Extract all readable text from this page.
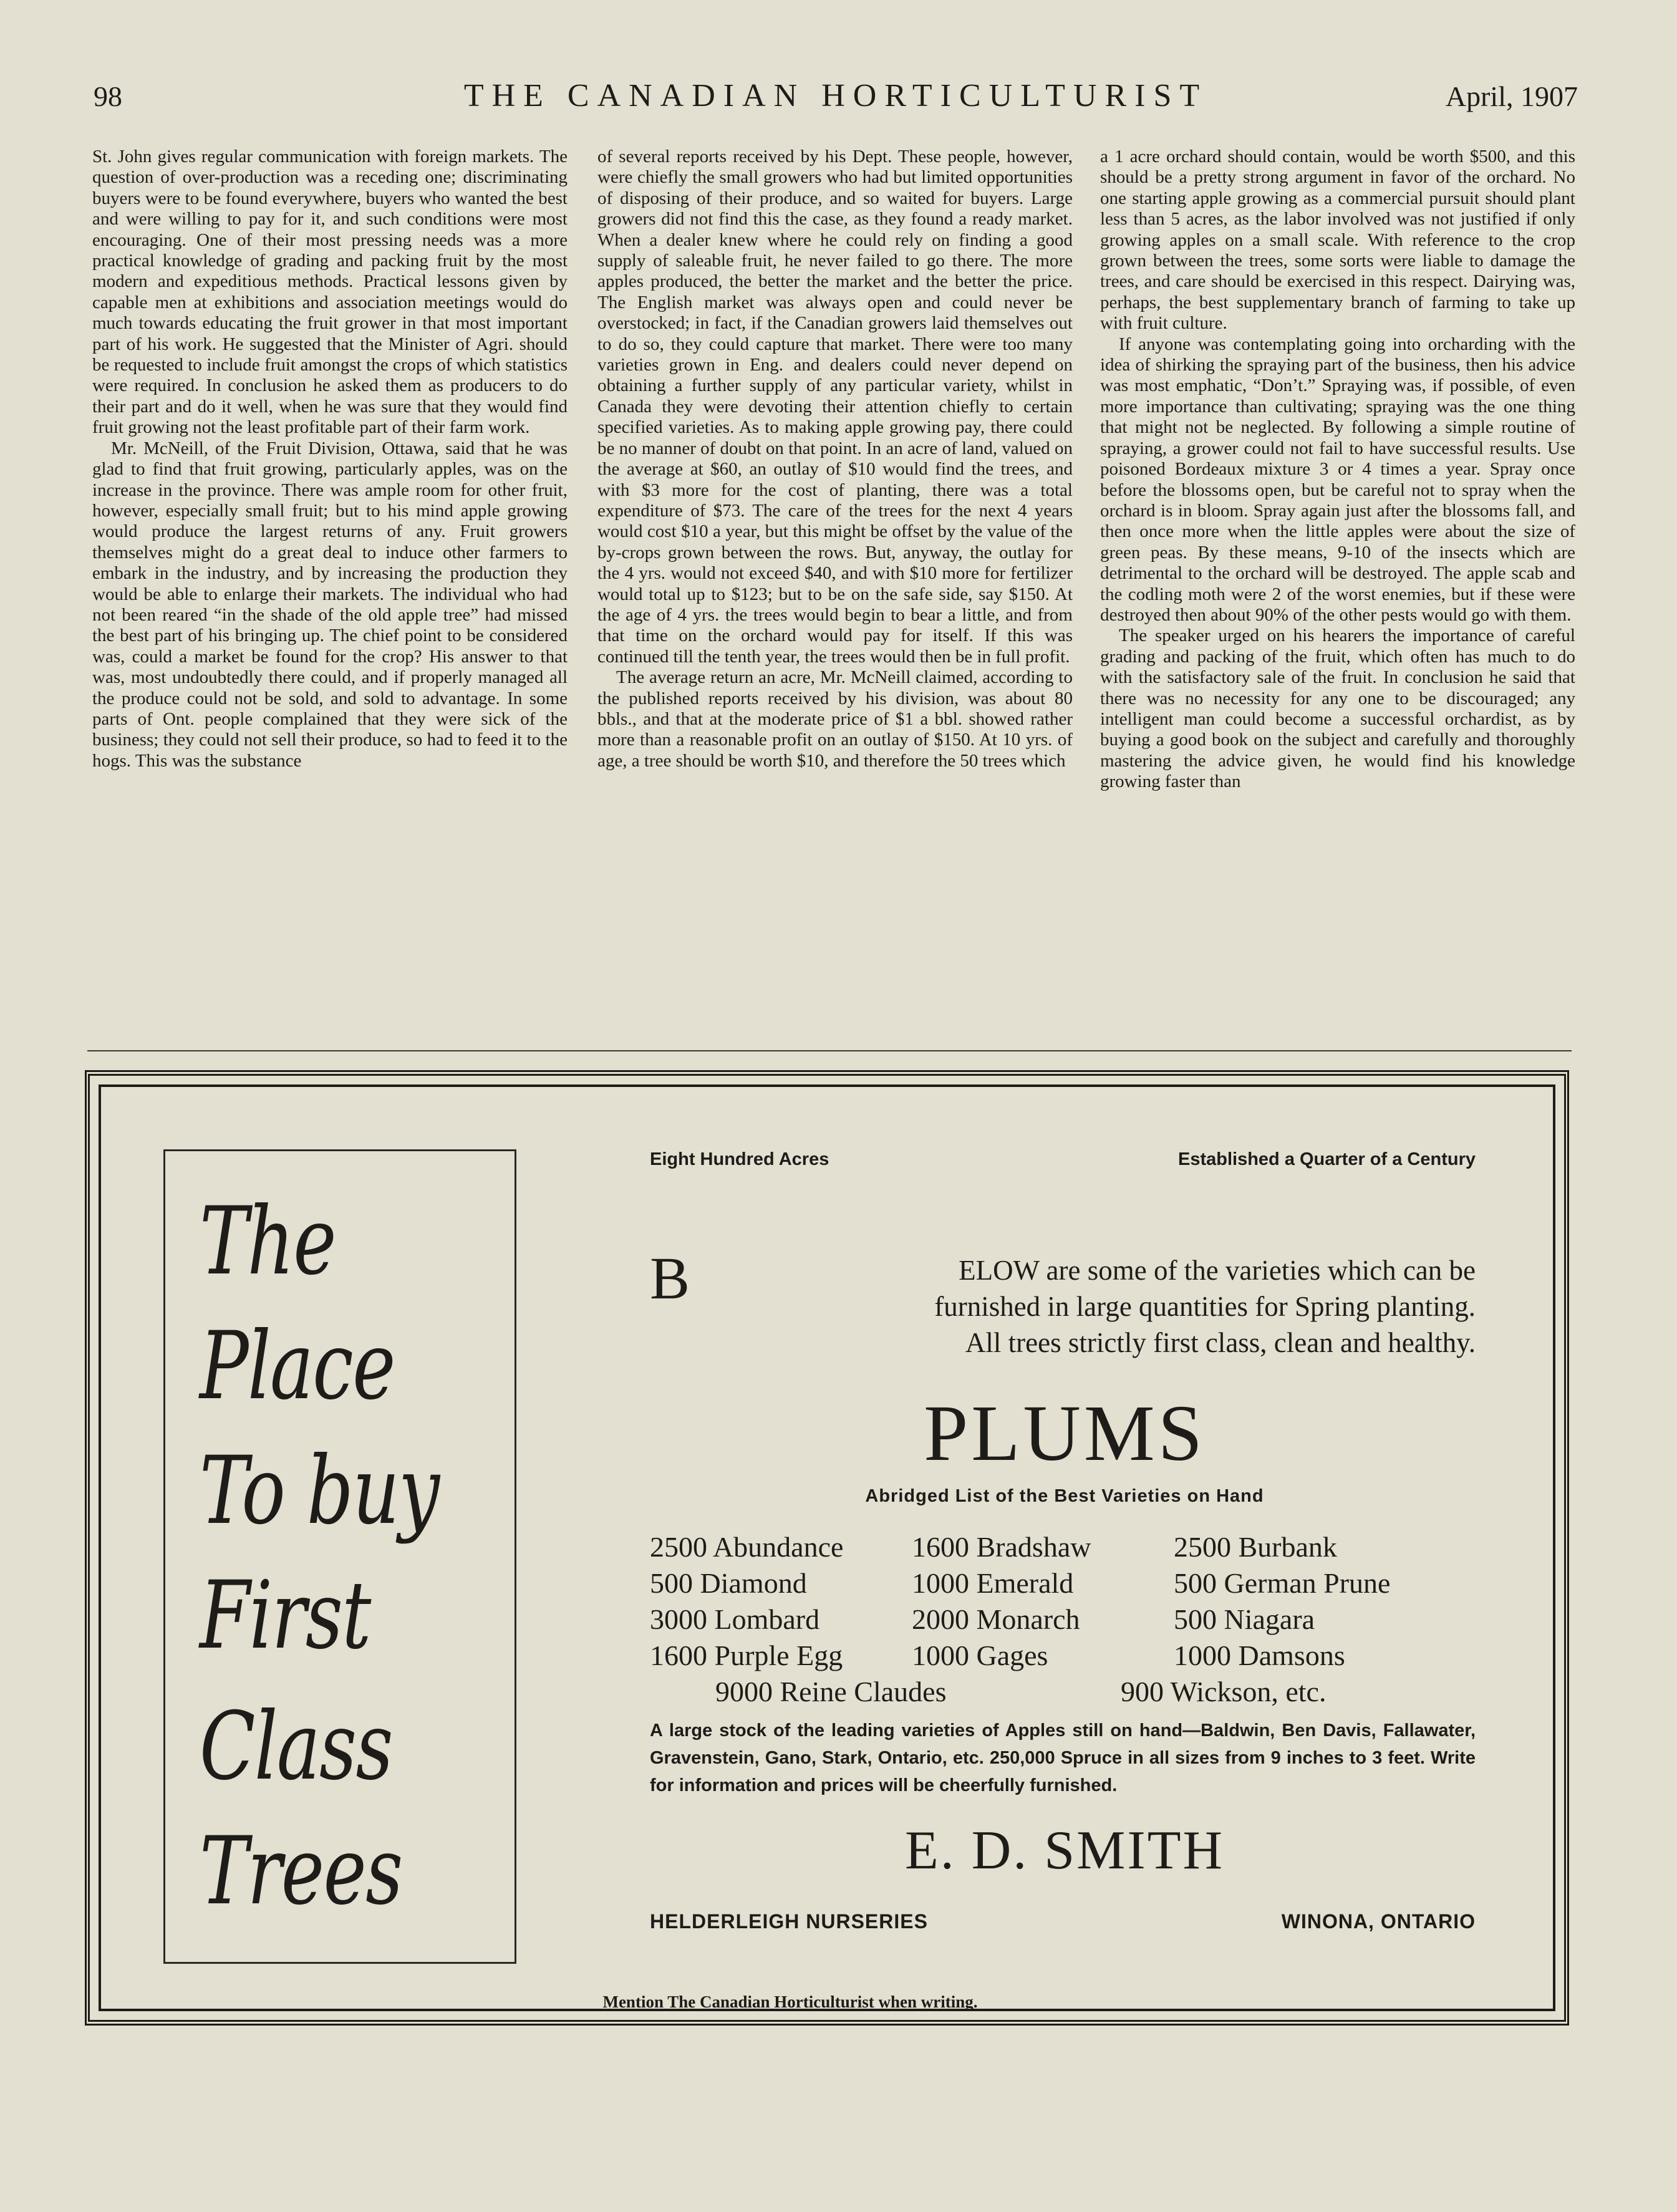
98	THE CANADIAN HORTICULTURIST	April, 1907

St. John gives regular communication with foreign markets. The question of over-production was a receding one; discriminating buyers were to be found everywhere, buyers who wanted the best and were willing to pay for it, and such conditions were most encouraging. One of their most pressing needs was a more practical knowledge of grading and packing fruit by the most modern and expeditious methods. Practical lessons given by capable men at exhibitions and association meetings would do much towards educating the fruit grower in that most important part of his work. He suggested that the Minister of Agri. should be requested to include fruit amongst the crops of which statistics were required. In conclusion he asked them as producers to do their part and do it well, when he was sure that they would find fruit growing not the least profitable part of their farm work.

Mr. McNeill, of the Fruit Division, Ottawa, said that he was glad to find that fruit growing, particularly apples, was on the increase in the province. There was ample room for other fruit, however, especially small fruit; but to his mind apple growing would produce the largest returns of any. Fruit growers themselves might do a great deal to induce other farmers to embark in the industry, and by increasing the production they would be able to enlarge their markets. The individual who had not been reared “in the shade of the old apple tree” had missed the best part of his bringing up. The chief point to be considered was, could a market be found for the crop? His answer to that was, most undoubtedly there could, and if properly managed all the produce could not be sold, and sold to advantage. In some parts of Ont. people complained that they were sick of the business; they could not sell their produce, so had to feed it to the hogs. This was the substance

of several reports received by his Dept. These people, however, were chiefly the small growers who had but limited opportunities of disposing of their produce, and so waited for buyers. Large growers did not find this the case, as they found a ready market. When a dealer knew where he could rely on finding a good supply of saleable fruit, he never failed to go there. The more apples produced, the better the market and the better the price. The English market was always open and could never be overstocked; in fact, if the Canadian growers laid themselves out to do so, they could capture that market. There were too many varieties grown in Eng. and dealers could never depend on obtaining a further supply of any particular variety, whilst in Canada they were devoting their attention chiefly to certain specified varieties. As to making apple growing pay, there could be no manner of doubt on that point. In an acre of land, valued on the average at $60, an outlay of $10 would find the trees, and with $3 more for the cost of planting, there was a total expenditure of $73. The care of the trees for the next 4 years would cost $10 a year, but this might be offset by the value of the by-crops grown between the rows. But, anyway, the outlay for the 4 yrs. would not exceed $40, and with $10 more for fertilizer would total up to $123; but to be on the safe side, say $150. At the age of 4 yrs. the trees would begin to bear a little, and from that time on the orchard would pay for itself. If this was continued till the tenth year, the trees would then be in full profit.

The average return an acre, Mr. McNeill claimed, according to the published reports received by his division, was about 80 bbls., and that at the moderate price of $1 a bbl. showed rather more than a reasonable profit on an outlay of $150. At 10 yrs. of age, a tree should be worth $10, and therefore the 50 trees which

a 1 acre orchard should contain, would be worth $500, and this should be a pretty strong argument in favor of the orchard. No one starting apple growing as a commercial pursuit should plant less than 5 acres, as the labor involved was not justified if only growing apples on a small scale. With reference to the crop grown between the trees, some sorts were liable to damage the trees, and care should be exercised in this respect. Dairying was, perhaps, the best supplementary branch of farming to take up with fruit culture.

If anyone was contemplating going into orcharding with the idea of shirking the spraying part of the business, then his advice was most emphatic, “Don’t.” Spraying was, if possible, of even more importance than cultivating; spraying was the one thing that might not be neglected. By following a simple routine of spraying, a grower could not fail to have successful results. Use poisoned Bordeaux mixture 3 or 4 times a year. Spray once before the blossoms open, but be careful not to spray when the orchard is in bloom. Spray again just after the blossoms fall, and then once more when the little apples were about the size of green peas. By these means, 9-10 of the insects which are detrimental to the orchard will be destroyed. The apple scab and the codling moth were 2 of the worst enemies, but if these were destroyed then about 90% of the other pests would go with them.

The speaker urged on his hearers the importance of careful grading and packing of the fruit, which often has much to do with the satisfactory sale of the fruit. In conclusion he said that there was no necessity for any one to be discouraged; any intelligent man could become a successful orchardist, as by buying a good book on the subject and carefully and thoroughly mastering the advice given, he would find his knowledge growing faster than

The
Place
To buy
First
Class
Trees
Eight Hundred Acres	Established a Quarter of a Century
B	ELOW are some of the varieties which can be
furnished in large quantities for Spring planting.
All trees strictly first class, clean and healthy.
PLUMS
Abridged List of the Best Varieties on Hand
2500 Abundance 1600 Bradshaw	2500 Burbank
500 Diamond	1000 Emerald	500 German Prune
3000 Lombard	2000 Monarch	500 Niagara
1600 Purple Egg 1000 Gages	1000 Damsons
9000 Reine Claudes	900 Wickson, etc.
A large stock of the leading varieties of Apples still on hand—Baldwin, Ben Davis, Fallawater, Gravenstein, Gano, Stark, Ontario, etc. 250,000 Spruce in all sizes from 9 inches to 3 feet. Write for information and prices will be cheerfully furnished.
E. D. SMITH
HELDERLEIGH NURSERIES	WINONA, ONTARIO
Mention The Canadian Horticulturist when writing.
